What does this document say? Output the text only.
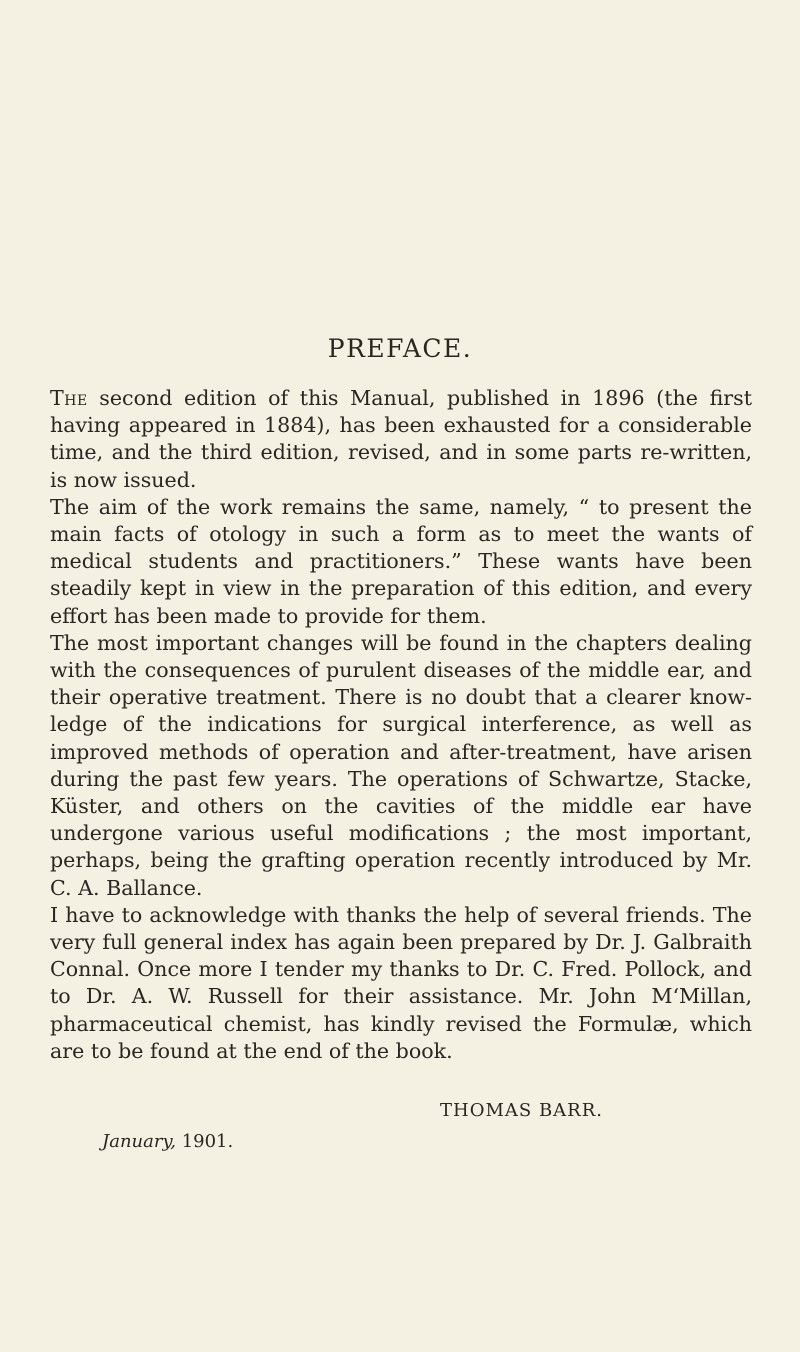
PREFACE.

The second edition of this Manual, published in 1896 (the first having appeared in 1884), has been exhausted for a considerable time, and the third edition, revised, and in some parts re-written, is now issued.

The aim of the work remains the same, namely, “ to present the main facts of otology in such a form as to meet the wants of medical students and practitioners.” These wants have been steadily kept in view in the preparation of this edition, and every effort has been made to provide for them.

The most important changes will be found in the chapters dealing with the consequences of purulent diseases of the middle ear, and their operative treatment. There is no doubt that a clearer know-ledge of the indications for surgical interference, as well as improved methods of operation and after-treatment, have arisen during the past few years. The operations of Schwartze, Stacke, Küster, and others on the cavities of the middle ear have undergone various useful modifications ; the most important, perhaps, being the grafting operation recently introduced by Mr. C. A. Ballance.

I have to acknowledge with thanks the help of several friends. The very full general index has again been prepared by Dr. J. Galbraith Connal. Once more I tender my thanks to Dr. C. Fred. Pollock, and to Dr. A. W. Russell for their assistance. Mr. John M‘Millan, pharmaceutical chemist, has kindly revised the Formulæ, which are to be found at the end of the book.

THOMAS BARR.

January, 1901.
